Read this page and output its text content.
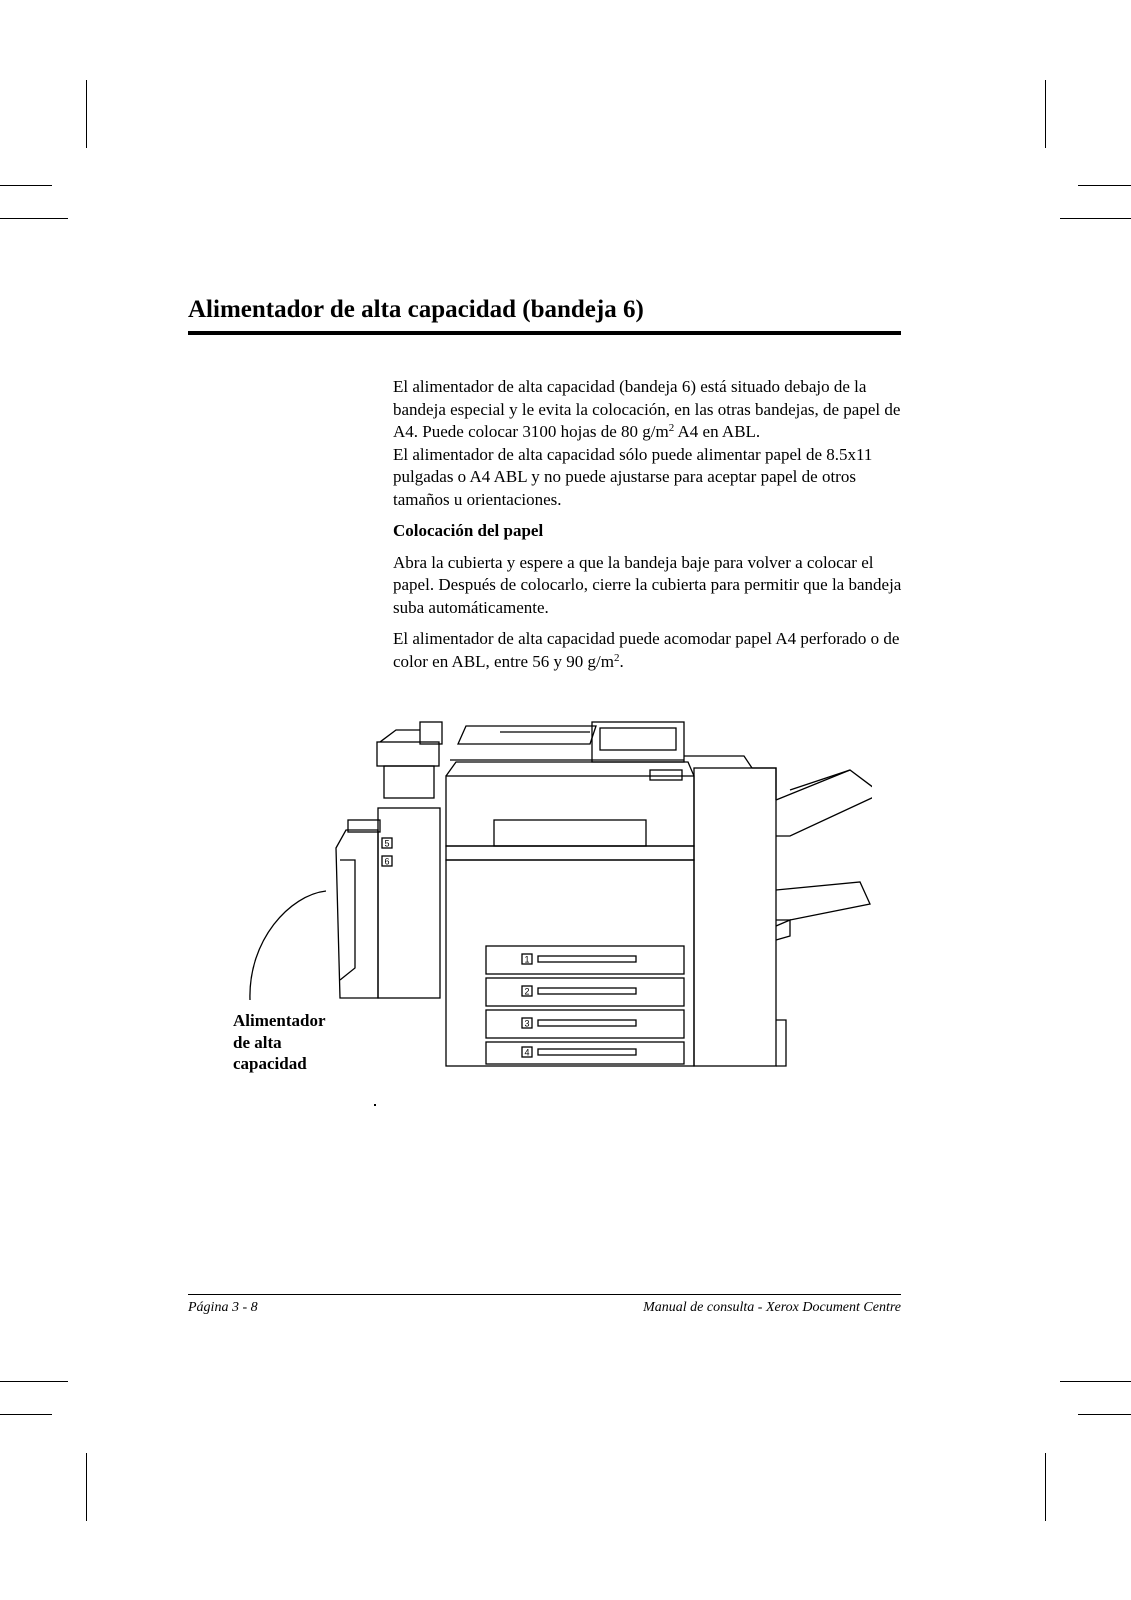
Alimentador de alta capacidad (bandeja 6)

El alimentador de alta capacidad (bandeja 6) está situado debajo de la bandeja especial y le evita la colocación, en las otras bandejas, de papel de A4. Puede colocar 3100 hojas de 80 $g/m^2$ A4 en ABL.
El alimentador de alta capacidad sólo puede alimentar papel de 8.5x11 pulgadas o A4 ABL y no puede ajustarse para aceptar papel de otros tamaños u orientaciones.

Colocación del papel

Abra la cubierta y espere a que la bandeja baje para volver a colocar el papel. Después de colocarlo, cierre la cubierta para permitir que la bandeja suba automáticamente.

El alimentador de alta capacidad puede acomodar papel A4 perforado o de color en ABL, entre 56 y 90 $g/m^2$.

5
6
1
2
3
4

Alimentador
de alta
capacidad

Página 3 - 8	Manual de consulta - Xerox Document Centre
